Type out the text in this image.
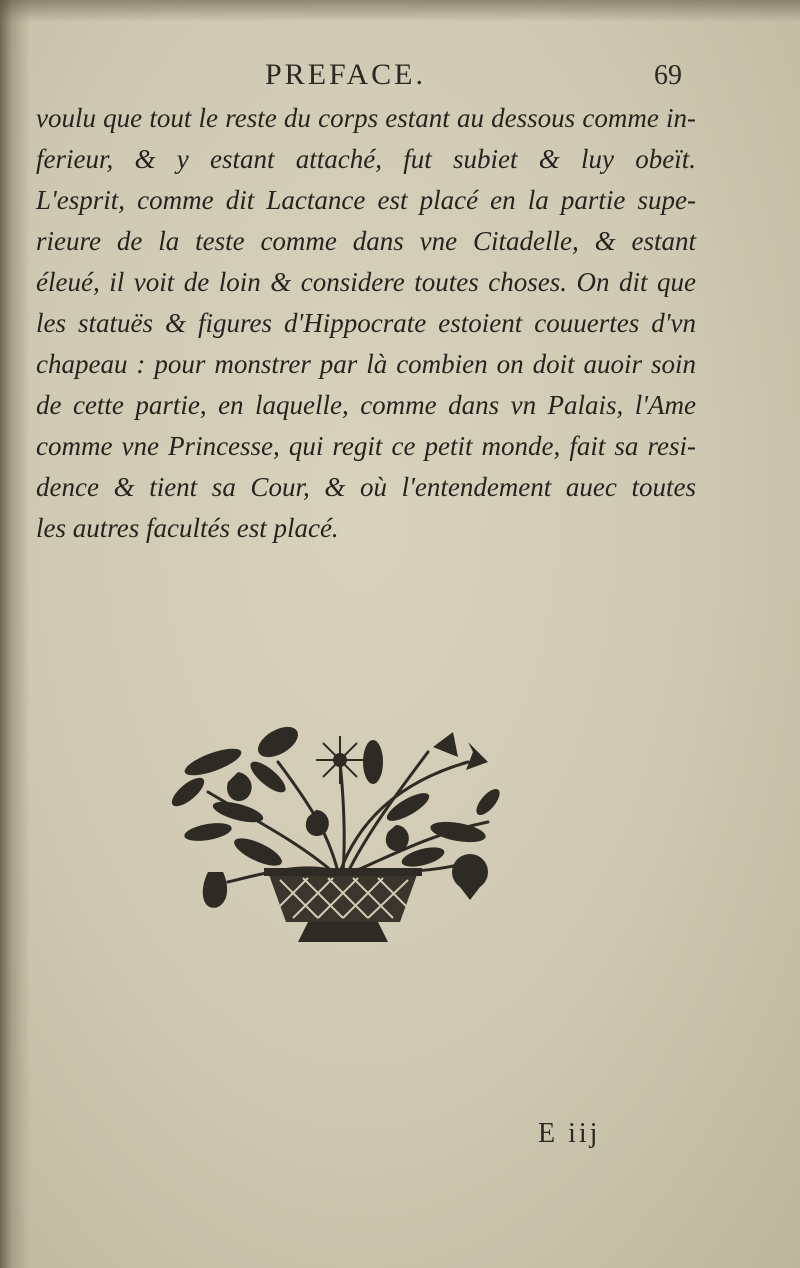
PREFACE.	69
voulu que tout le reste du corps estant au dessous comme in-
ferieur, & y estant attaché, fut subiet & luy obeït.
L'esprit, comme dit Lactance est placé en la partie supe-
rieure de la teste comme dans vne Citadelle, & estant
éleué, il voit de loin & considere toutes choses. On dit que
les statuës & figures d'Hippocrate estoient couuertes d'vn
chapeau : pour monstrer par là combien on doit auoir soin
de cette partie, en laquelle, comme dans vn Palais, l'Ame
comme vne Princesse, qui regit ce petit monde, fait sa resi-
dence & tient sa Cour, & où l'entendement auec toutes
les autres facultés est placé.
E iij
